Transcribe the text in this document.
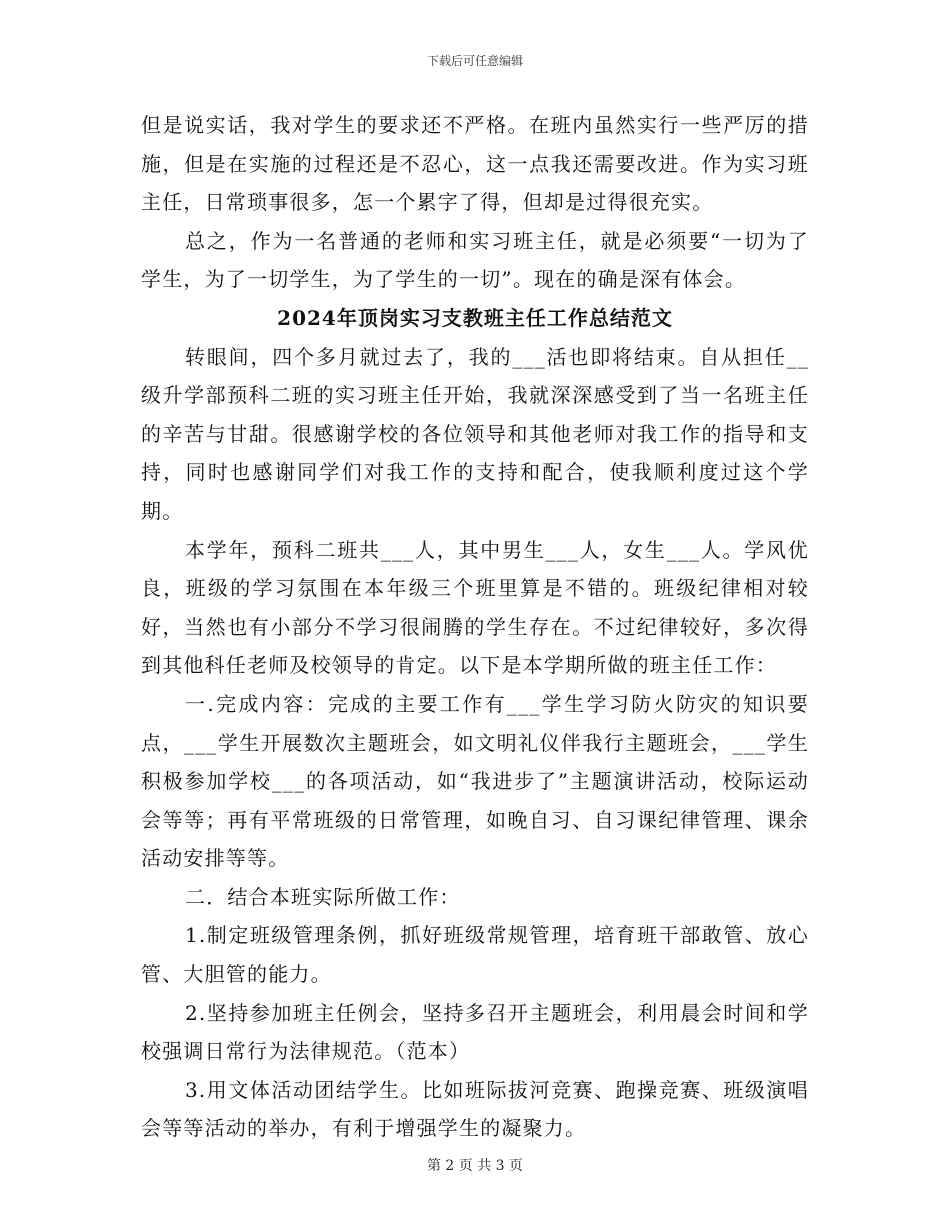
下载后可任意编辑

但是说实话，我对学生的要求还不严格。在班内虽然实行一些严厉的措施，但是在实施的过程还是不忍心，这一点我还需要改进。作为实习班主任，日常琐事很多，怎一个累字了得，但却是过得很充实。

总之，作为一名普通的老师和实习班主任，就是必须要“一切为了学生，为了一切学生，为了学生的一切”。现在的确是深有体会。

2024年顶岗实习支教班主任工作总结范文

转眼间，四个多月就过去了，我的___活也即将结束。自从担任__级升学部预科二班的实习班主任开始，我就深深感受到了当一名班主任的辛苦与甘甜。很感谢学校的各位领导和其他老师对我工作的指导和支持，同时也感谢同学们对我工作的支持和配合，使我顺利度过这个学期。

本学年，预科二班共___人，其中男生___人，女生___人。学风优良，班级的学习氛围在本年级三个班里算是不错的。班级纪律相对较好，当然也有小部分不学习很闹腾的学生存在。不过纪律较好，多次得到其他科任老师及校领导的肯定。以下是本学期所做的班主任工作：

一.完成内容：完成的主要工作有___学生学习防火防灾的知识要点，___学生开展数次主题班会，如文明礼仪伴我行主题班会，___学生积极参加学校___的各项活动，如“我进步了”主题演讲活动，校际运动会等等；再有平常班级的日常管理，如晚自习、自习课纪律管理、课余活动安排等等。

二．结合本班实际所做工作：

1.制定班级管理条例，抓好班级常规管理，培育班干部敢管、放心管、大胆管的能力。

2.坚持参加班主任例会，坚持多召开主题班会，利用晨会时间和学校强调日常行为法律规范。（范本）

3.用文体活动团结学生。比如班际拔河竞赛、跑操竞赛、班级演唱会等等活动的举办，有利于增强学生的凝聚力。

第 2 页 共 3 页
